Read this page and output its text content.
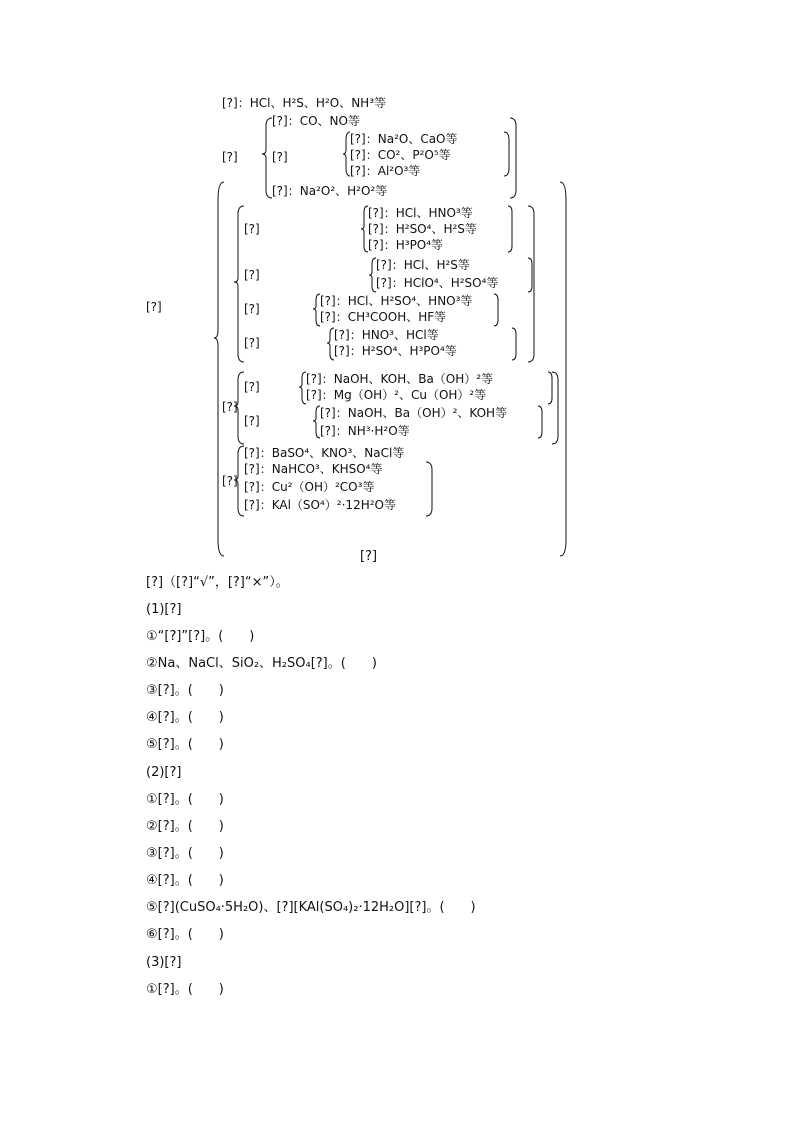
[?]：HCl、H²S、H²O、NH³等
[?]：CO、NO等
[?]：Na²O、CaO等
[?]	[?]	[?]：CO²、P²O⁵等
[?]：Al²O³等
[?]：Na²O²、H²O²等
[?]：HCl、HNO³等
[?]	[?]：H²SO⁴、H²S等
[?]：H³PO⁴等
[?]：HCl、H²S等
[?]
[?]：HClO⁴、H²SO⁴等
[?]：HCl、H²SO⁴、HNO³等
[?]	[?]
[?]：CH³COOH、HF等
[?]：HNO³、HCl等
[?]
[?]：H²SO⁴、H³PO⁴等
[?]：NaOH、KOH、Ba（OH）²等
[?]
[?]：Mg（OH）²、Cu（OH）²等
[?]	[?]：NaOH、Ba（OH）²、KOH等
[?]
[?]：NH³·H²O等
[?]：BaSO⁴、KNO³、NaCl等
[?]
[?]：NaHCO³、KHSO⁴等
[?]：Cu²（OH）²CO³等
[?]：KAl（SO⁴）²·12H²O等
[?]
[?]（[?]“√”，[?]“×”）。
(1)[?]
①“[?]”[?]。(　　)
②Na、NaCl、SiO₂、H₂SO₄[?]。(　　)
③[?]。(　　)
④[?]。(　　)
⑤[?]。(　　)
(2)[?]
①[?]。(　　)
②[?]。(　　)
③[?]。(　　)
④[?]。(　　)
⑤[?](CuSO₄·5H₂O)、[?][KAl(SO₄)₂·12H₂O][?]。(　　)
⑥[?]。(　　)
(3)[?]
①[?]。(　　)
